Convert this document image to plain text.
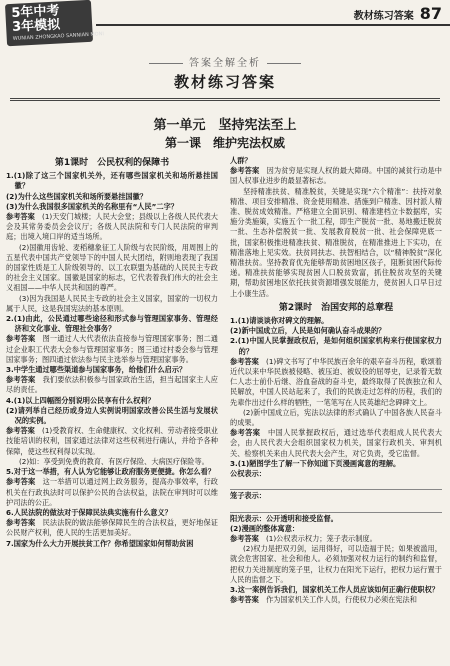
5年中考
3年模拟
WUNIAN ZHONGKAO SANNIAN MONI
教材练习答案 87
答案全解全析
教材练习答案
第一单元　坚持宪法至上
第一课　维护宪法权威

第1课时　公民权利的保障书

1.(1)除了这三个国家机关外，还有哪些国家机关和场所悬挂国徽？

(2)为什么这些国家机关和场所要悬挂国徽？

(3)为什么我国很多国家机关的名称里有“人民”二字？

参考答案　 (1)天安门城楼；人民大会堂；县级以上各级人民代表大会及其常务委员会会议厅；各级人民法院和专门人民法院的审判庭；出境入境口岸的适当场所。

(2)国徽用齿轮、麦稻穗象征工人阶级与农民阶级，用周围上的五星代表中国共产党领导下的中国人民大团结，附则地表现了我国的国家性质是工人阶级领导的、以工农联盟为基础的人民民主专政的社会主义国家。国徽是国家的标志，它代表着我们伟大的社会主义祖国——中华人民共和国的尊严。

(3)因为我国是人民民主专政的社会主义国家，国家的一切权力属于人民，这是我国宪法的基本原则。

2.(1)由此，公民通过哪些途径和形式参与管理国家事务、管理经济和文化事业、管理社会事务？

参考答案　 图一通过人大代表依法直接参与管理国家事务；图二通过企业职工代表大会参与管理国家事务；图三通过村委会参与管理国家事务；图四通过依法参与民主选举参与管理国家事务。

3.中学生通过哪些渠道参与国家事务，给他们什么启示？

参考答案　 我们要依法积极参与国家政治生活，担当起国家主人应尽的责任。

4.(1)以上四幅图分别说明公民享有什么权利？

(2)请列举自己经历或身边人实例说明国家改善公民生活与发展状况的实例。

参考答案　 (1)受教育权、生命健康权、文化权利、劳动者接受职业技能培训的权利，国家通过法律对这些权利进行确认，并给予各种保障，使这些权利得以实现。

(2)如：享受到免费的教育、有医疗保险、大病医疗保险等。

5.对于这一举措，有人认为它能够让政府服务更便捷。你怎么看？

参考答案　 这一举措可以通过网上政务服务，提高办事效率，行政机关在行政执法时可以保护公民的合法权益，法院在审判时可以维护司法的公正。

6.人民法院的做法对于保障民法典实施有什么意义？

参考答案　 民法法院的做法能够保障民生的合法权益，更好地保证公民财产权利，使人民的生活更加美好。

7.国家为什么大力开展扶贫工作？你希望国家如何帮助贫困

人群？

参考答案　 因为贫穷是实现人权的最大障碍。中国的减贫行动是中国人权事业进步的最显著标志。

坚持精准扶贫、精准脱贫，关键是实现“六个精准”：扶持对象精准、项目安排精准、资金使用精准、措施到户精准、因村派人精准、脱贫成效精准。严格建立全面识别、精准建档立卡数据库，实施分类施策，实施五个一批工程，即生产脱贫一批、易地搬迁脱贫一批、生态补偿脱贫一批、发展教育脱贫一批、社会保障兜底一批，国家积极推进精准扶贫、精准脱贫，在精准推进上下实功，在精准落地上见实效。扶贫同扶志、扶智相结合，以“精神脱贫”深化精准扶贫。坚持教育优先能够帮助贫困地区孩子，阻断贫困代际传递。精准扶贫能够实现贫困人口脱贫致富，抓住脱贫攻坚的关键期，帮助贫困地区依托扶贫资源增强发展能力，使贫困人口早日过上小康生活。

第2课时　治国安邦的总章程

1.(1)请谈谈你对碑文的理解。

(2)新中国成立后，人民是如何确认奋斗成果的？

2.(1)中国人民掌握政权后，是如何组织国家机构来行使国家权力的？

参考答案　 (1)碑文书写了中华民族百余年的艰辛奋斗历程，歌颂着近代以来中华民族被侵略、被压迫、被奴役的屈辱史，记录着无数仁人志士前仆后继、浴血奋战的奋斗史，最终取得了民族独立和人民解放，中国人民站起来了，我们的民族走过怎样的历程，我们的先辈作出过什么样的牺牲，一笔笔写在人民英雄纪念碑碑文上。

(2)新中国成立后，宪法以法律的形式确认了中国各族人民奋斗的成果。

参考答案　 中国人民掌握政权后，通过选举代表组成人民代表大会，由人民代表大会组织国家权力机关，国家行政机关、审判机关、检察机关来由人民代表大会产生，对它负责，受它监督。

3.(1)陋图学生了解一下你知道下页漫画寓意的理解。

公权表示：

笼子表示：

阳光表示：公开透明和接受监督。

(2)漫画的整体寓意：

参考答案　 (1)公权表示权力；笼子表示制度。

(2)权力是把双刃剑，运用得好，可以造福于民；如果被滥用，就会危害国家、社会和他人。必须加强对权力运行的制约和监督，把权力关进制度的笼子里，让权力在阳光下运行，把权力运行置于人民的监督之下。

3.这一案例告诉我们，国家机关工作人员应该如何正确行使职权？

参考答案　 作为国家机关工作人员，行使权力必须在宪法和
